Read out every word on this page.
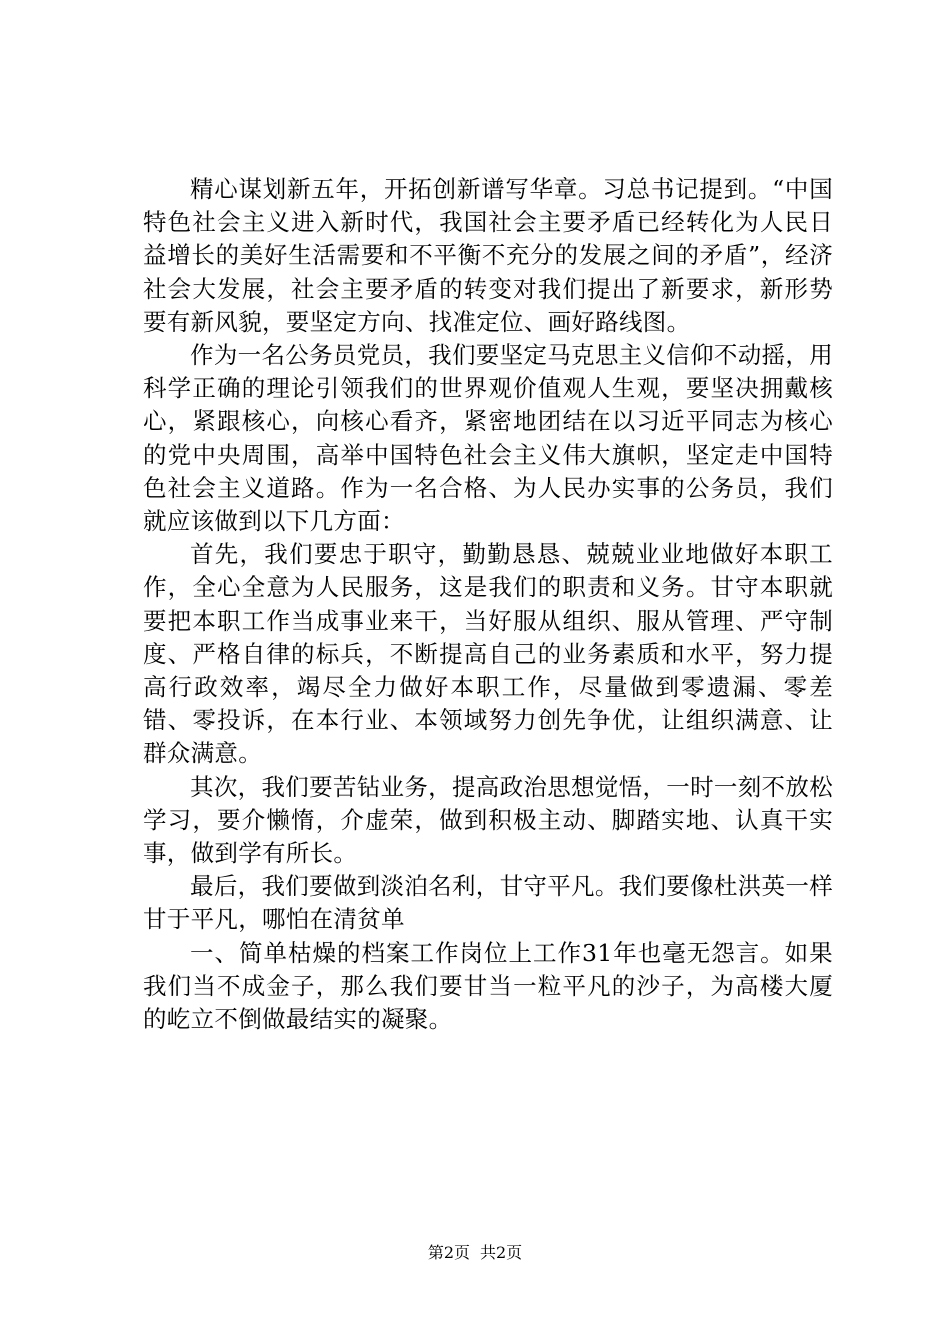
精心谋划新五年，开拓创新谱写华章。习总书记提到。“中国特色社会主义进入新时代，我国社会主要矛盾已经转化为人民日益增长的美好生活需要和不平衡不充分的发展之间的矛盾”，经济社会大发展，社会主要矛盾的转变对我们提出了新要求，新形势要有新风貌，要坚定方向、找准定位、画好路线图。

作为一名公务员党员，我们要坚定马克思主义信仰不动摇，用科学正确的理论引领我们的世界观价值观人生观，要坚决拥戴核心，紧跟核心，向核心看齐，紧密地团结在以习近平同志为核心的党中央周围，高举中国特色社会主义伟大旗帜，坚定走中国特色社会主义道路。作为一名合格、为人民办实事的公务员，我们就应该做到以下几方面：

首先，我们要忠于职守，勤勤恳恳、兢兢业业地做好本职工作，全心全意为人民服务，这是我们的职责和义务。甘守本职就要把本职工作当成事业来干，当好服从组织、服从管理、严守制度、严格自律的标兵，不断提高自己的业务素质和水平，努力提高行政效率，竭尽全力做好本职工作，尽量做到零遗漏、零差错、零投诉，在本行业、本领域努力创先争优，让组织满意、让群众满意。

其次，我们要苦钻业务，提高政治思想觉悟，一时一刻不放松学习，要介懒惰，介虚荣，做到积极主动、脚踏实地、认真干实事，做到学有所长。

最后，我们要做到淡泊名利，甘守平凡。我们要像杜洪英一样甘于平凡，哪怕在清贫单

一、简单枯燥的档案工作岗位上工作31年也毫无怨言。如果我们当不成金子，那么我们要甘当一粒平凡的沙子，为高楼大厦的屹立不倒做最结实的凝聚。

第2页 共2页
